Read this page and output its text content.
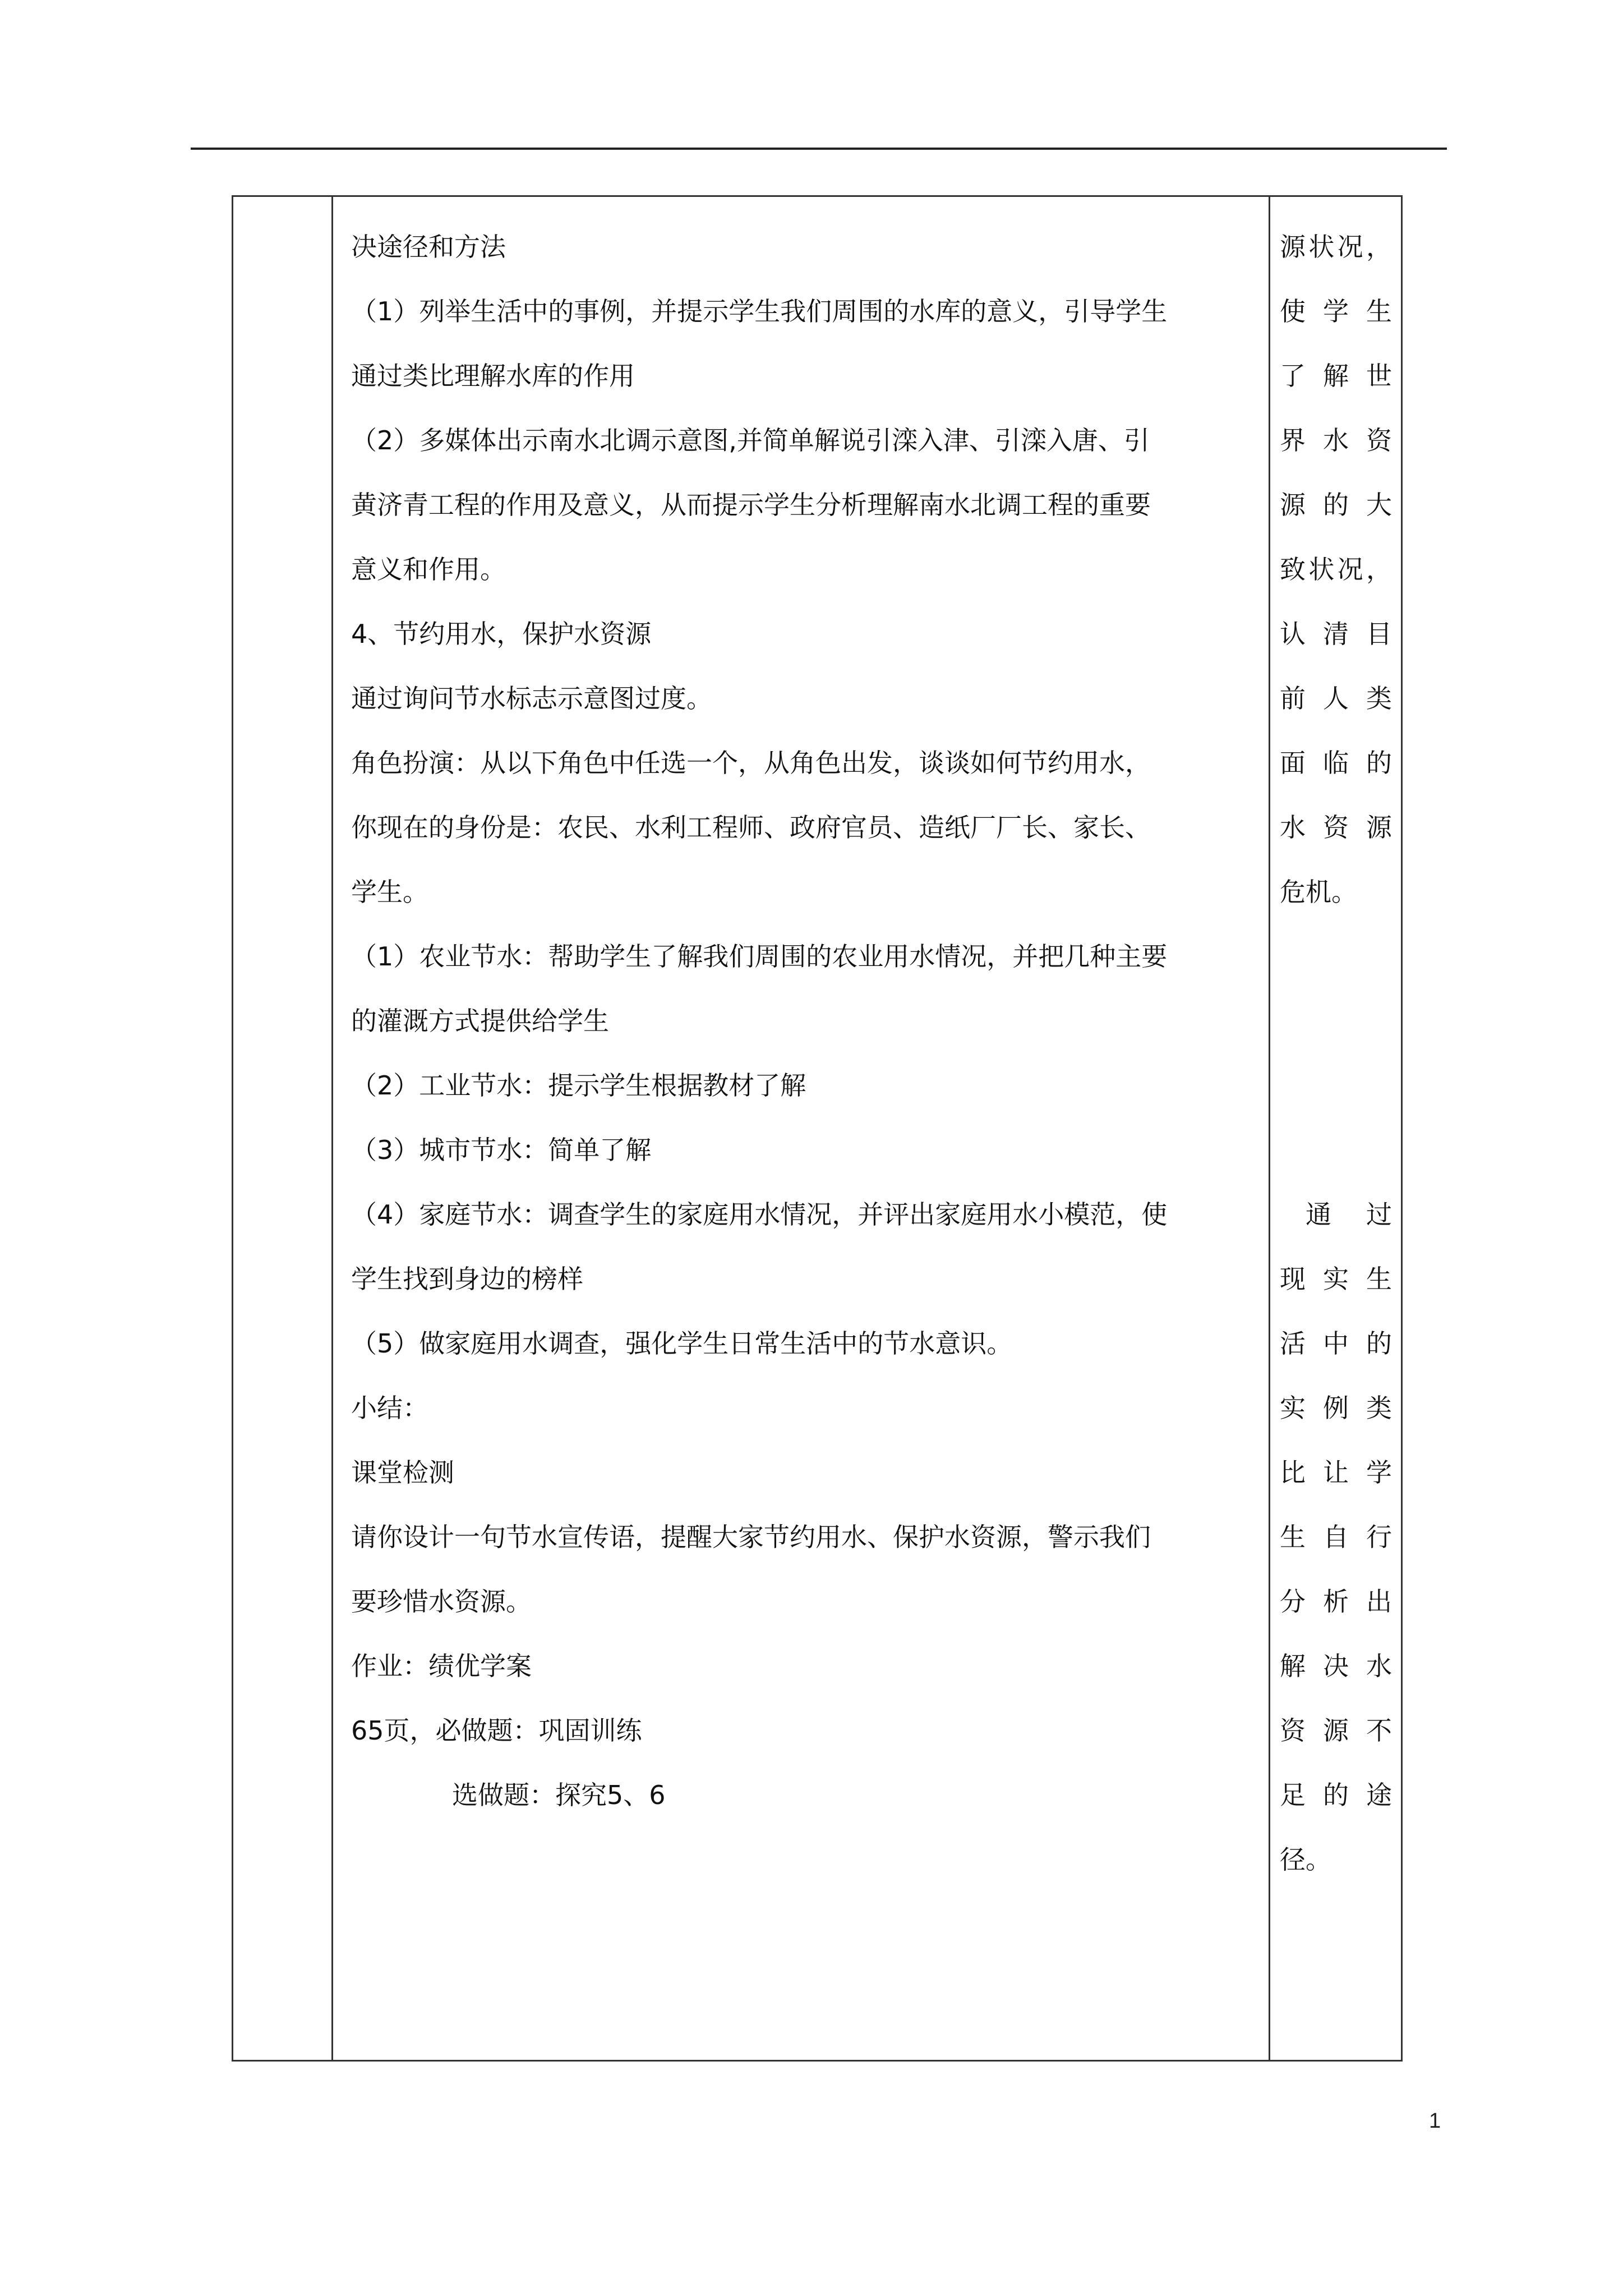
决途径和方法
（1）列举生活中的事例，并提示学生我们周围的水库的意义，引导学生
通过类比理解水库的作用
（2）多媒体出示南水北调示意图,并简单解说引滦入津、引滦入唐、引
黄济青工程的作用及意义，从而提示学生分析理解南水北调工程的重要
意义和作用。
4、节约用水，保护水资源
通过询问节水标志示意图过度。
角色扮演：从以下角色中任选一个，从角色出发，谈谈如何节约用水，
你现在的身份是：农民、水利工程师、政府官员、造纸厂厂长、家长、
学生。
（1）农业节水：帮助学生了解我们周围的农业用水情况，并把几种主要
的灌溉方式提供给学生
（2）工业节水：提示学生根据教材了解
（3）城市节水：简单了解
（4）家庭节水：调查学生的家庭用水情况，并评出家庭用水小模范，使
学生找到身边的榜样
（5）做家庭用水调查，强化学生日常生活中的节水意识。
小结：
课堂检测
请你设计一句节水宣传语，提醒大家节约用水、保护水资源，警示我们
要珍惜水资源。
作业：绩优学案
65页，必做题：巩固训练
选做题：探究5、6
源状况，
使学生
了解世
界水资
源的大
致状况，
认清目
前人类
面临的
水资源
危机。
通过
现实生
活中的
实例类
比让学
生自行
分析出
解决水
资源不
足的途
径。
1
